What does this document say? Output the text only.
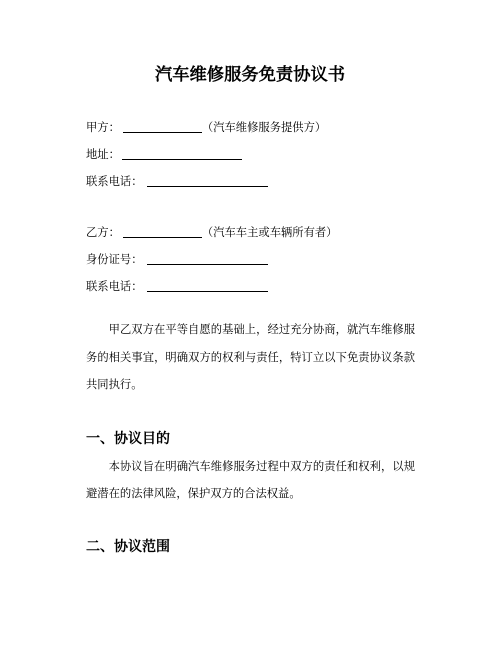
汽车维修服务免责协议书
甲方：	（汽车维修服务提供方）
地址：
联系电话：
乙方：	（汽车车主或车辆所有者）
身份证号：
联系电话：
甲乙双方在平等自愿的基础上，经过充分协商，就汽车维修服务的相关事宜，明确双方的权利与责任，特订立以下免责协议条款共同执行。
一、协议目的
本协议旨在明确汽车维修服务过程中双方的责任和权利，以规避潜在的法律风险，保护双方的合法权益。
二、协议范围
